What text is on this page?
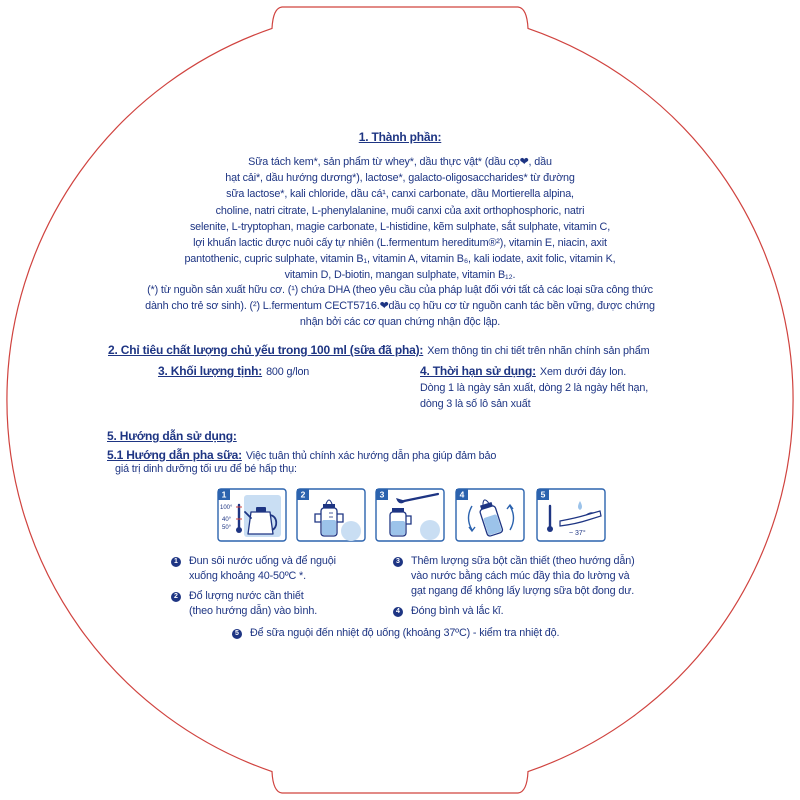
1. Thành phần:
Sữa tách kem*, sản phẩm từ whey*, dầu thực vật* (dầu cọ❤, dầu
hạt cải*, dầu hướng dương*), lactose*, galacto-oligosaccharides* từ đường
sữa lactose*, kali chloride, dầu cá¹, canxi carbonate, dầu Mortierella alpina,
choline, natri citrate, L-phenylalanine, muối canxi của axit orthophosphoric, natri
selenite, L-tryptophan, magie carbonate, L-histidine, kẽm sulphate, sắt sulphate, vitamin C,
lợi khuẩn lactic được nuôi cấy tự nhiên (L.fermentum hereditum®²), vitamin E, niacin, axit
pantothenic, cupric sulphate, vitamin B₁, vitamin A, vitamin B₆, kali iodate, axit folic, vitamin K,
vitamin D, D-biotin, mangan sulphate, vitamin B₁₂.
(*) từ nguồn sản xuất hữu cơ. (¹) chứa DHA (theo yêu cầu của pháp luật đối với tất cả các loại sữa công thức
dành cho trẻ sơ sinh). (²) L.fermentum CECT5716.❤dầu cọ hữu cơ từ nguồn canh tác bền vững, được chứng
nhận bởi các cơ quan chứng nhận độc lập.
2. Chỉ tiêu chất lượng chủ yếu trong 100 ml (sữa đã pha): Xem thông tin chi tiết trên nhãn chính sản phẩm
3. Khối lượng tịnh: 800 g/lon	4. Thời hạn sử dụng: Xem dưới đáy lon.
Dòng 1 là ngày sản xuất, dòng 2 là ngày hết hạn,
dòng 3 là số lô sản xuất
5. Hướng dẫn sử dụng:
5.1 Hướng dẫn pha sữa: Việc tuân thủ chính xác hướng dẫn pha giúp đảm bảo
giá trị dinh dưỡng tối ưu để bé hấp thụ:
1
100°
40°
50°
2	3	4	5
~ 37°
1 Đun sôi nước uống và để nguội
xuống khoảng 40-50ºC *.
2 Đổ lượng nước cần thiết
(theo hướng dẫn) vào bình.
3 Thêm lượng sữa bột cần thiết (theo hướng dẫn)
vào nước bằng cách múc đầy thìa đo lường và
gạt ngang để không lấy lượng sữa bột đong dư.
4 Đóng bình và lắc kĩ.
5 Để sữa nguội đến nhiệt độ uống (khoảng 37ºC) - kiểm tra nhiệt độ.
